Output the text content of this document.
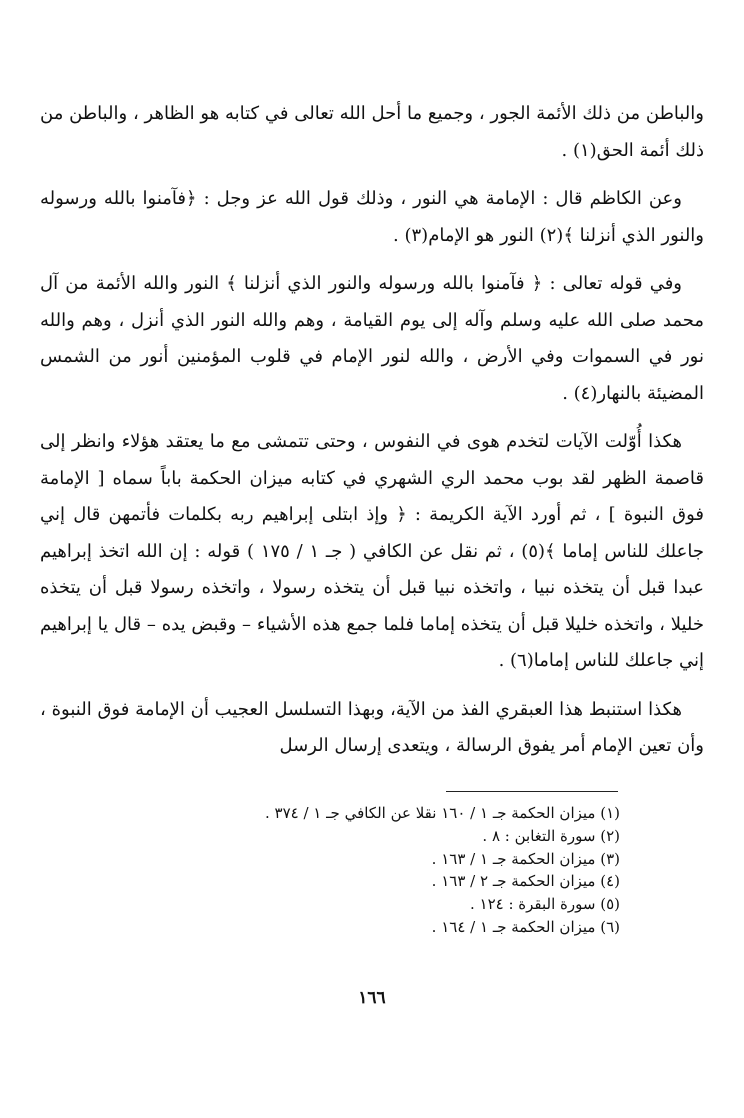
والباطن من ذلك الأئمة الجور ، وجميع ما أحل الله تعالى في كتابه هو الظاهر ، والباطن من ذلك أئمة الحق(١) .

وعن الكاظم قال : الإمامة هي النور ، وذلك قول الله عز وجل : ﴿فآمنوا بالله ورسوله والنور الذي أنزلنا ﴾(٢) النور هو الإمام(٣) .

وفي قوله تعالى : ﴿ فآمنوا بالله ورسوله والنور الذي أنزلنا ﴾ النور والله الأئمة من آل محمد صلى الله عليه وسلم وآله إلى يوم القيامة ، وهم والله النور الذي أنزل ، وهم والله نور في السموات وفي الأرض ، والله لنور الإمام في قلوب المؤمنين أنور من الشمس المضيئة بالنهار(٤) .

هكذا أُوّلت الآيات لتخدم هوى في النفوس ، وحتى تتمشى مع ما يعتقد هؤلاء وانظر إلى قاصمة الظهر لقد بوب محمد الري الشهري في كتابه ميزان الحكمة باباً سماه [ الإمامة فوق النبوة ] ، ثم أورد الآية الكريمة : ﴿ وإذ ابتلى إبراهيم ربه بكلمات فأتمهن قال إني جاعلك للناس إماما ﴾(٥) ، ثم نقل عن الكافي ( جـ ١ / ١٧٥ ) قوله : إن الله اتخذ إبراهيم عبدا قبل أن يتخذه نبيا ، واتخذه نبيا قبل أن يتخذه رسولا ، واتخذه رسولا قبل أن يتخذه خليلا ، واتخذه خليلا قبل أن يتخذه إماما فلما جمع هذه الأشياء – وقبض يده – قال يا إبراهيم إني جاعلك للناس إماما(٦) .

هكذا استنبط هذا العبقري الفذ من الآية، وبهذا التسلسل العجيب أن الإمامة فوق النبوة ، وأن تعين الإمام أمر يفوق الرسالة ، ويتعدى إرسال الرسل

(١) ميزان الحكمة جـ ١ / ١٦٠ نقلا عن الكافي جـ ١ / ٣٧٤ .

(٢) سورة التغابن : ٨ .

(٣) ميزان الحكمة جـ ١ / ١٦٣ .

(٤) ميزان الحكمة جـ ٢ / ١٦٣ .

(٥) سورة البقرة : ١٢٤ .

(٦) ميزان الحكمة جـ ١ / ١٦٤ .

١٦٦
